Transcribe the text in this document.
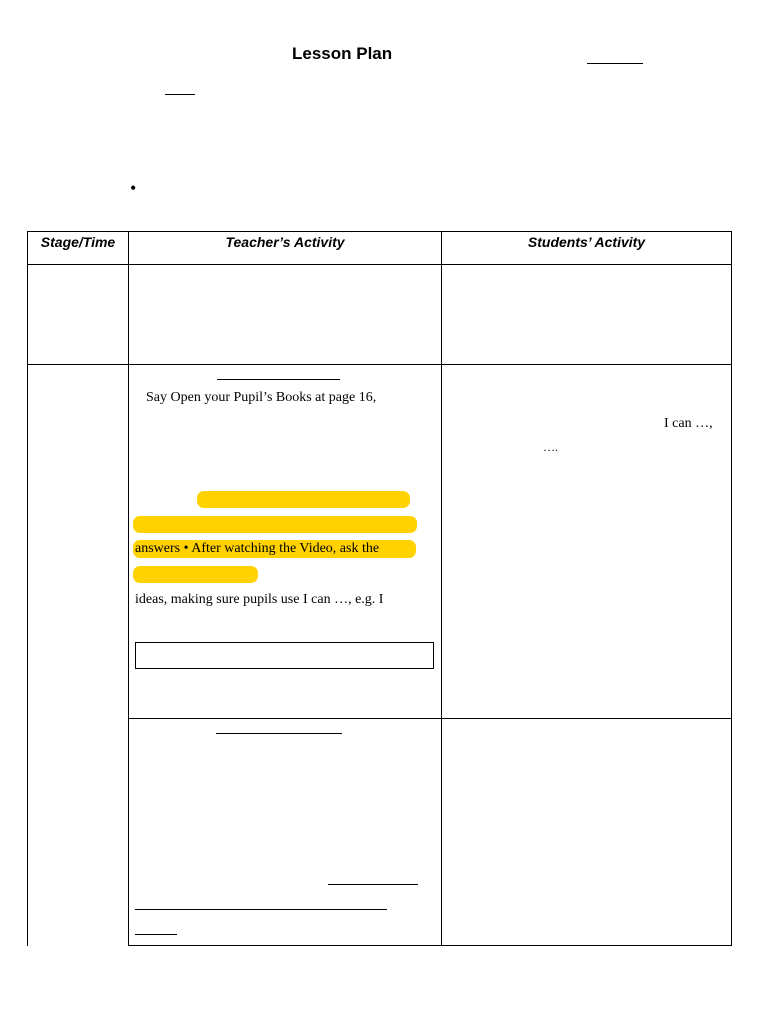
Lesson Plan
•
Stage/Time	Teacher’s Activity	Students’ Activity
Say Open your Pupil’s Books at page 16,
answers • After watching the Video, ask the
ideas, making sure pupils use I can …, e.g. I
I can …,
….
